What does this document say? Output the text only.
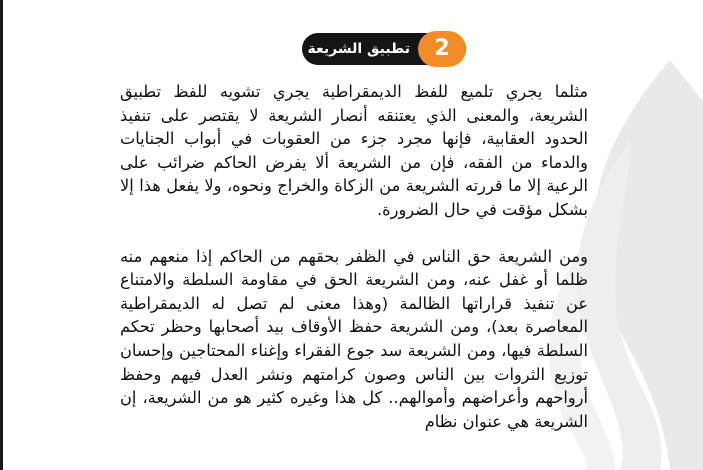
2
تطبيق الشريعة

مثلما يجري تلميع للفظ الديمقراطية يجري تشويه للفظ تطبيق الشريعة، والمعنى الذي يعتنقه أنصار الشريعة لا يقتصر على تنفيذ الحدود العقابية، فإنها مجرد جزء من العقوبات في أبواب الجنايات والدماء من الفقه، فإن من الشريعة ألا يفرض الحاكم ضرائب على الرعية إلا ما قررته الشريعة من الزكاة والخراج ونحوه، ولا يفعل هذا إلا بشكل مؤقت في حال الضرورة.

ومن الشريعة حق الناس في الظفر بحقهم من الحاكم إذا منعهم منه ظلما أو غفل عنه، ومن الشريعة الحق في مقاومة السلطة والامتناع عن تنفيذ قراراتها الظالمة (وهذا معنى لم تصل له الديمقراطية المعاصرة بعد)، ومن الشريعة حفظ الأوقاف بيد أصحابها وحظر تحكم السلطة فيها، ومن الشريعة سد جوع الفقراء وإغناء المحتاجين وإحسان توزيع الثروات بين الناس وصون كرامتهم ونشر العدل فيهم وحفظ أرواحهم وأعراضهم وأموالهم.. كل هذا وغيره كثير هو من الشريعة، إن الشريعة هي عنوان نظام
